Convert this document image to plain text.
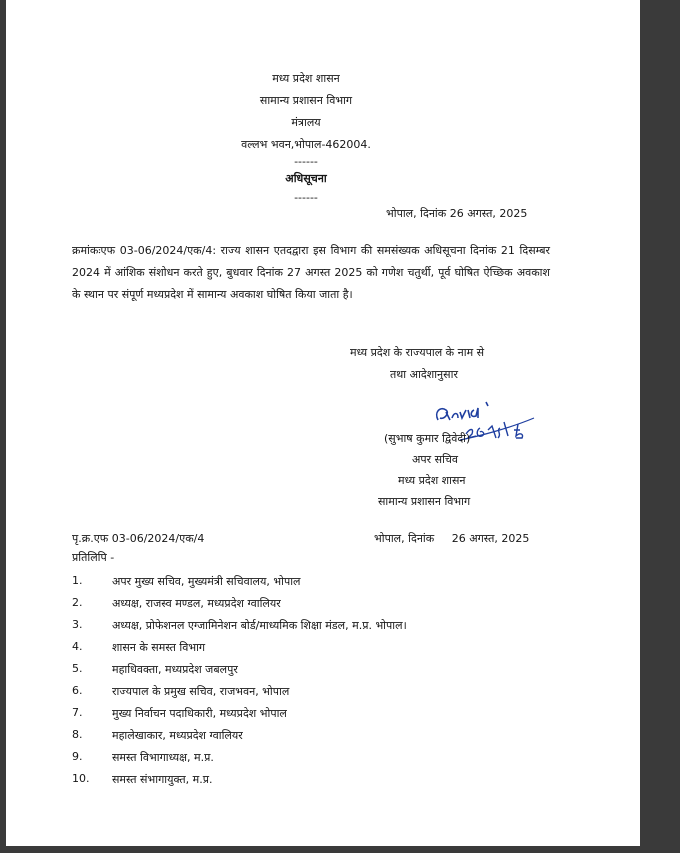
मध्य प्रदेश शासन
सामान्य प्रशासन विभाग
मंत्रालय
वल्लभ भवन,भोपाल-462004.
------
अधिसूचना
------
भोपाल, दिनांक 26 अगस्त, 2025
क्रमांकःएफ 03-06/2024/एक/4: राज्य शासन एतदद्वारा इस विभाग की समसंख्यक अधिसूचना दिनांक 21 दिसम्बर 2024 में आंशिक संशोधन करते हुए, बुधवार दिनांक 27 अगस्त 2025 को गणेश चतुर्थी, पूर्व घोषित ऐच्छिक अवकाश के स्थान पर संपूर्ण मध्यप्रदेश में सामान्य अवकाश घोषित किया जाता है।
मध्य प्रदेश के राज्यपाल के नाम से
तथा आदेशानुसार
(सुभाष कुमार द्विवेदी)
अपर सचिव
मध्य प्रदेश शासन
सामान्य प्रशासन विभाग
पृ.क्र.एफ 03-06/2024/एक/4	भोपाल, दिनांक     26 अगस्त, 2025
प्रतिलिपि -
1.	अपर मुख्य सचिव, मुख्यमंत्री सचिवालय, भोपाल
2.	अध्यक्ष, राजस्व मण्डल, मध्यप्रदेश ग्वालियर
3.	अध्यक्ष, प्रोफेशनल एग्जामिनेशन बोर्ड/माध्यमिक शिक्षा मंडल, म.प्र. भोपाल।
4.	शासन के समस्त विभाग
5.	महाधिवक्ता, मध्यप्रदेश जबलपुर
6.	राज्यपाल के प्रमुख सचिव, राजभवन, भोपाल
7.	मुख्य निर्वाचन पदाधिकारी, मध्यप्रदेश भोपाल
8.	महालेखाकार, मध्यप्रदेश ग्वालियर
9.	समस्त विभागाध्यक्ष, म.प्र.
10. समस्त संभागायुक्त, म.प्र.
